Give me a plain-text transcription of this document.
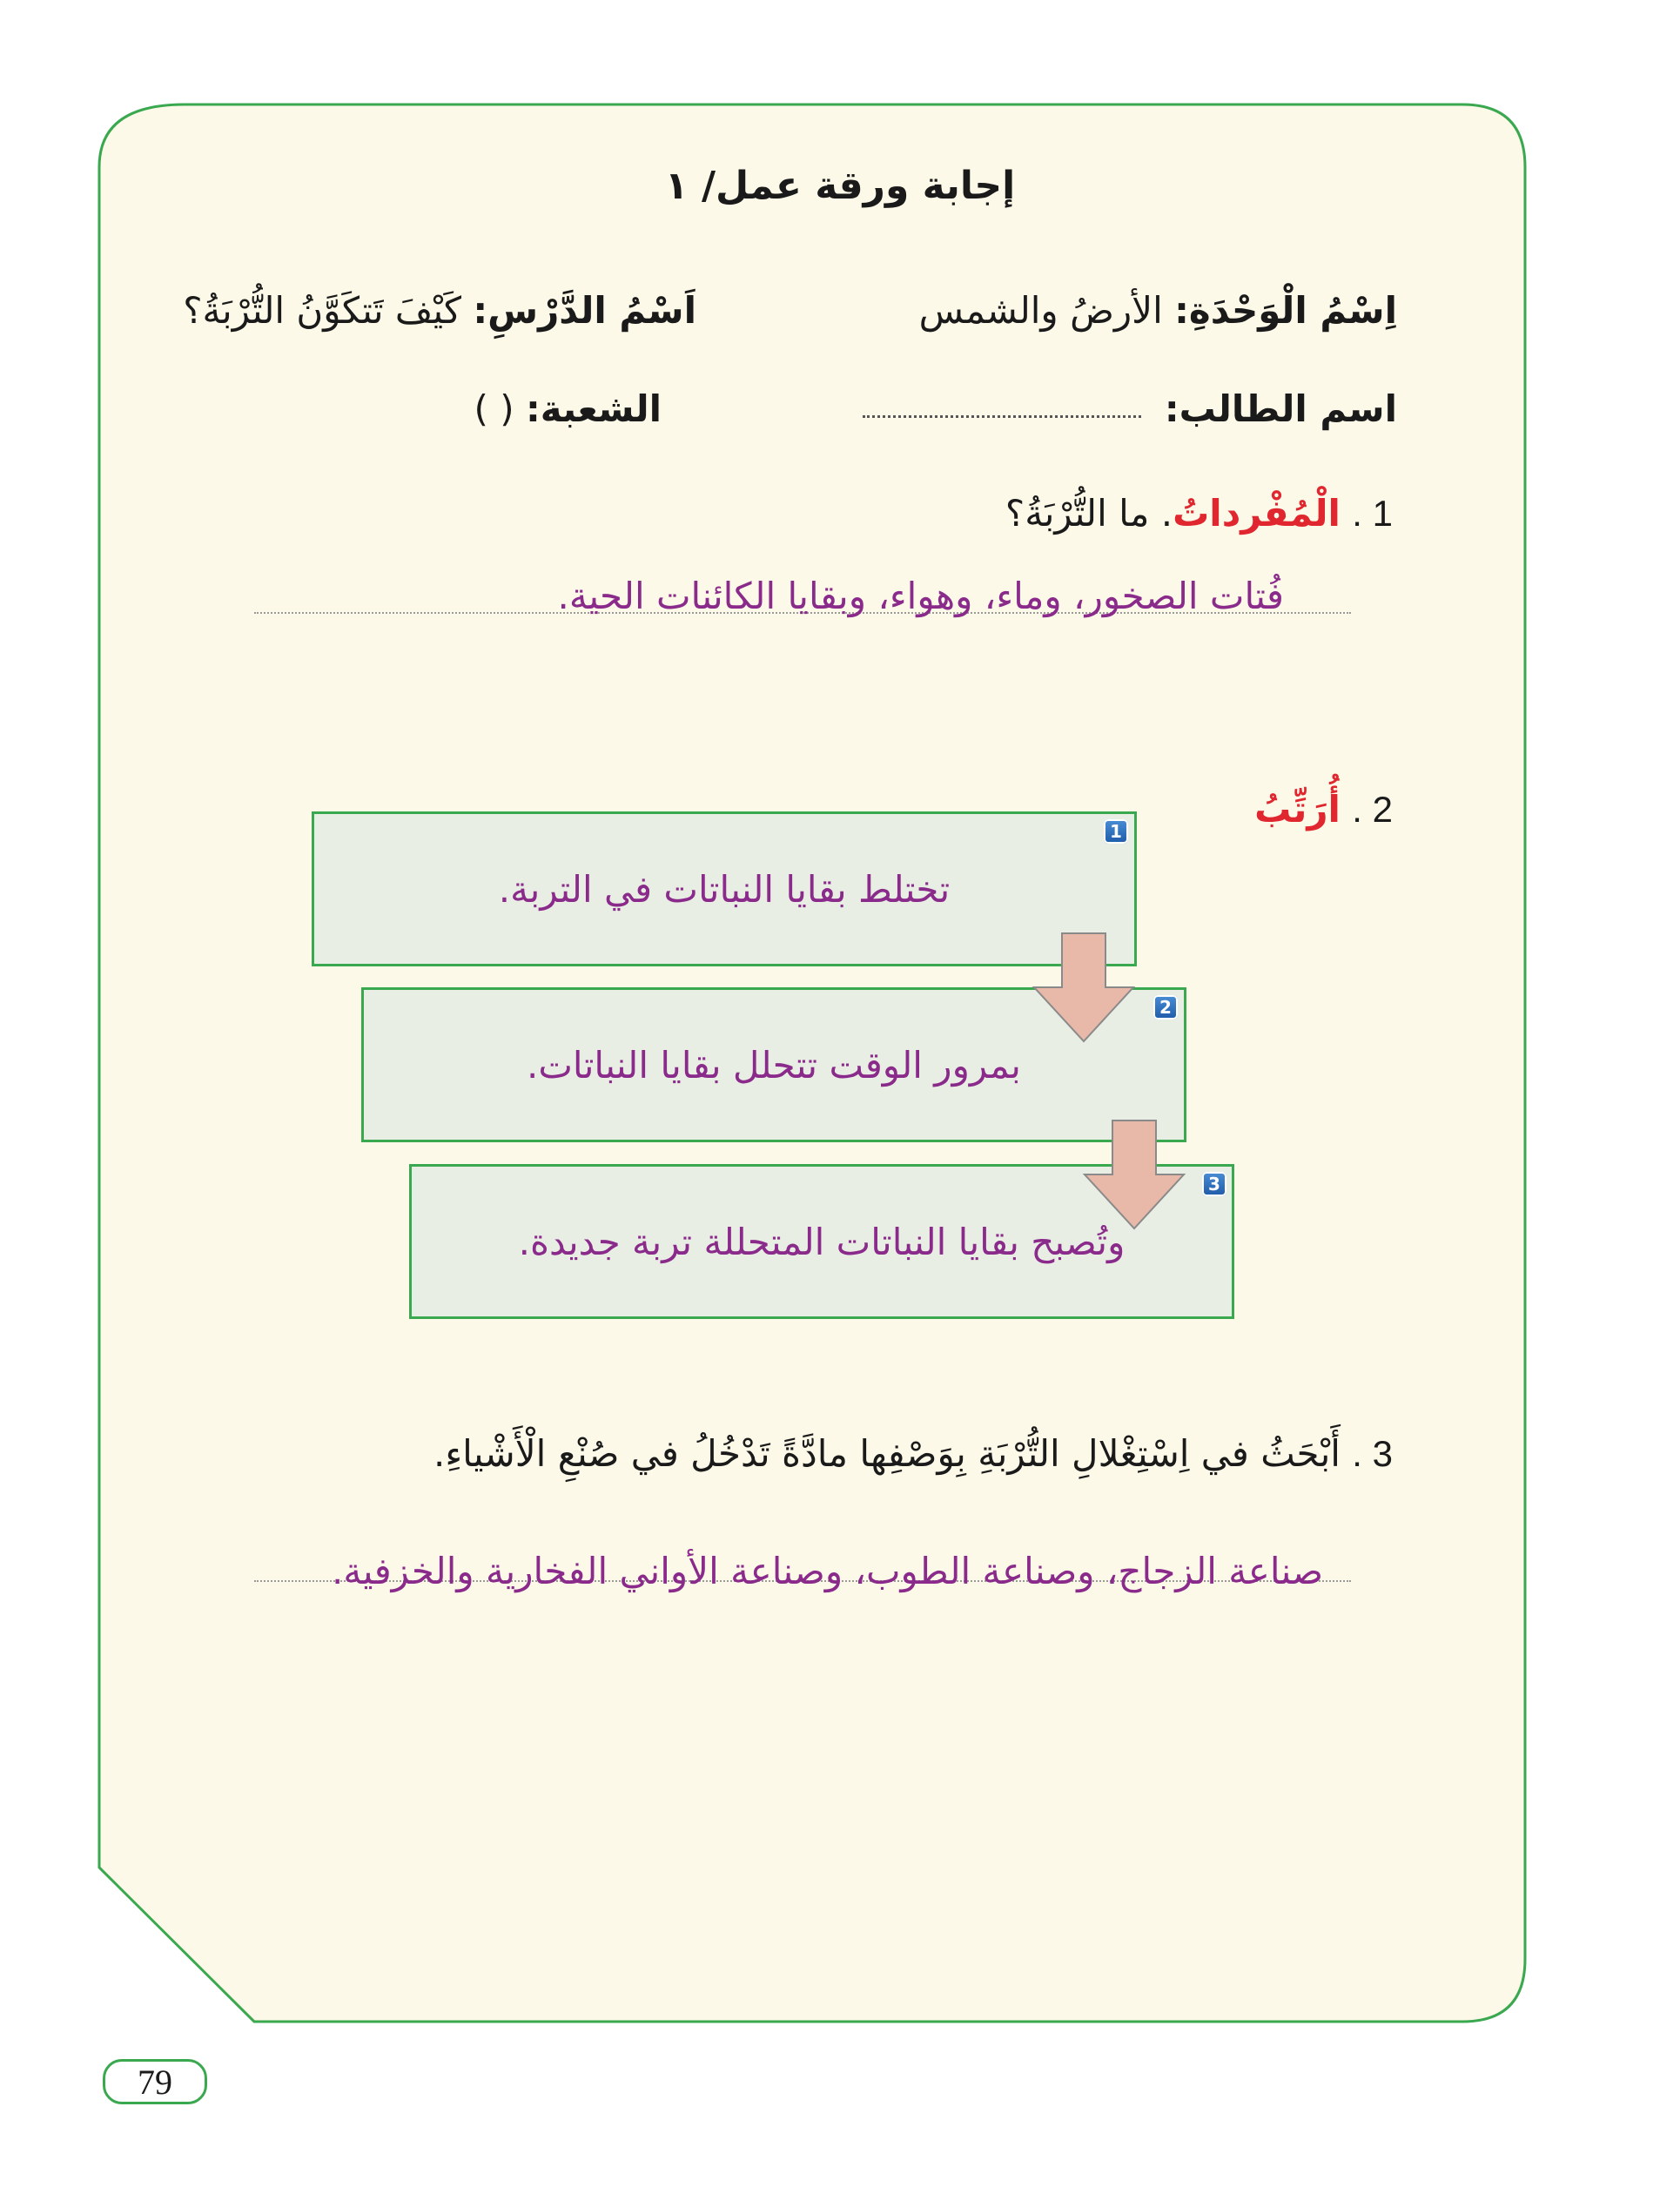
إجابة ورقة عمل/ ١
اِسْمُ الْوَحْدَةِ: الأرضُ والشمس
اَسْمُ الدَّرْسِ: كَيْفَ تَتكَوَّنُ التُّرْبَةُ؟
اسم الطالب:
الشعبة: ( )
1 . الْمُفْرداتُ. ما التُّرْبَةُ؟
فُتات الصخور، وماء، وهواء، وبقايا الكائنات الحية.
2 . أُرَتِّبُ
تختلط بقايا النباتات في التربة.
بمرور الوقت تتحلل بقايا النباتات.
وتُصبح بقايا النباتات المتحللة تربة جديدة.
1
2
3
3 . أَبْحَثُ في اِسْتِغْلالِ التُّرْبَةِ بِوَصْفِها مادَّةً تَدْخُلُ في صُنْعِ الْأَشْياءِ.
صناعة الزجاج، وصناعة الطوب، وصناعة الأواني الفخارية والخزفية.
79
